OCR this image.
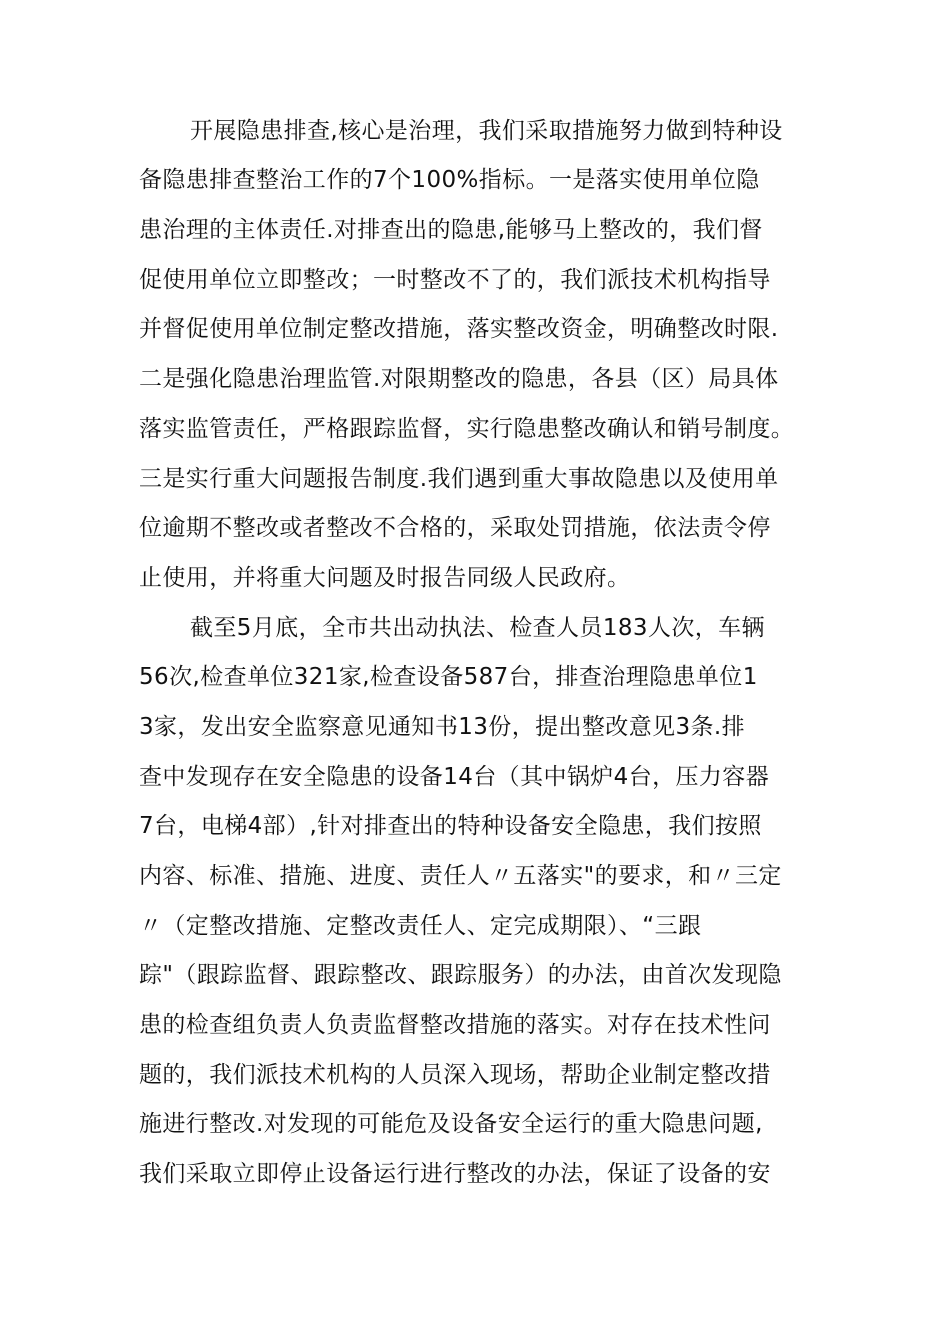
开展隐患排查,核心是治理，我们采取措施努力做到特种设
备隐患排查整治工作的7个100%指标。一是落实使用单位隐
患治理的主体责任.对排查出的隐患,能够马上整改的，我们督
促使用单位立即整改；一时整改不了的，我们派技术机构指导
并督促使用单位制定整改措施，落实整改资金，明确整改时限.
二是强化隐患治理监管.对限期整改的隐患，各县（区）局具体
落实监管责任，严格跟踪监督，实行隐患整改确认和销号制度。
三是实行重大问题报告制度.我们遇到重大事故隐患以及使用单
位逾期不整改或者整改不合格的，采取处罚措施，依法责令停
止使用，并将重大问题及时报告同级人民政府。
截至5月底，全市共出动执法、检查人员183人次，车辆
56次,检查单位321家,检查设备587台，排查治理隐患单位1
3家，发出安全监察意见通知书13份，提出整改意见3条.排
查中发现存在安全隐患的设备14台（其中锅炉4台，压力容器
7台，电梯4部）,针对排查出的特种设备安全隐患，我们按照
内容、标准、措施、进度、责任人〃五落实"的要求，和〃三定
〃（定整改措施、定整改责任人、定完成期限）、“三跟
踪"（跟踪监督、跟踪整改、跟踪服务）的办法，由首次发现隐
患的检查组负责人负责监督整改措施的落实。对存在技术性问
题的，我们派技术机构的人员深入现场，帮助企业制定整改措
施进行整改.对发现的可能危及设备安全运行的重大隐患问题,
我们采取立即停止设备运行进行整改的办法，保证了设备的安
